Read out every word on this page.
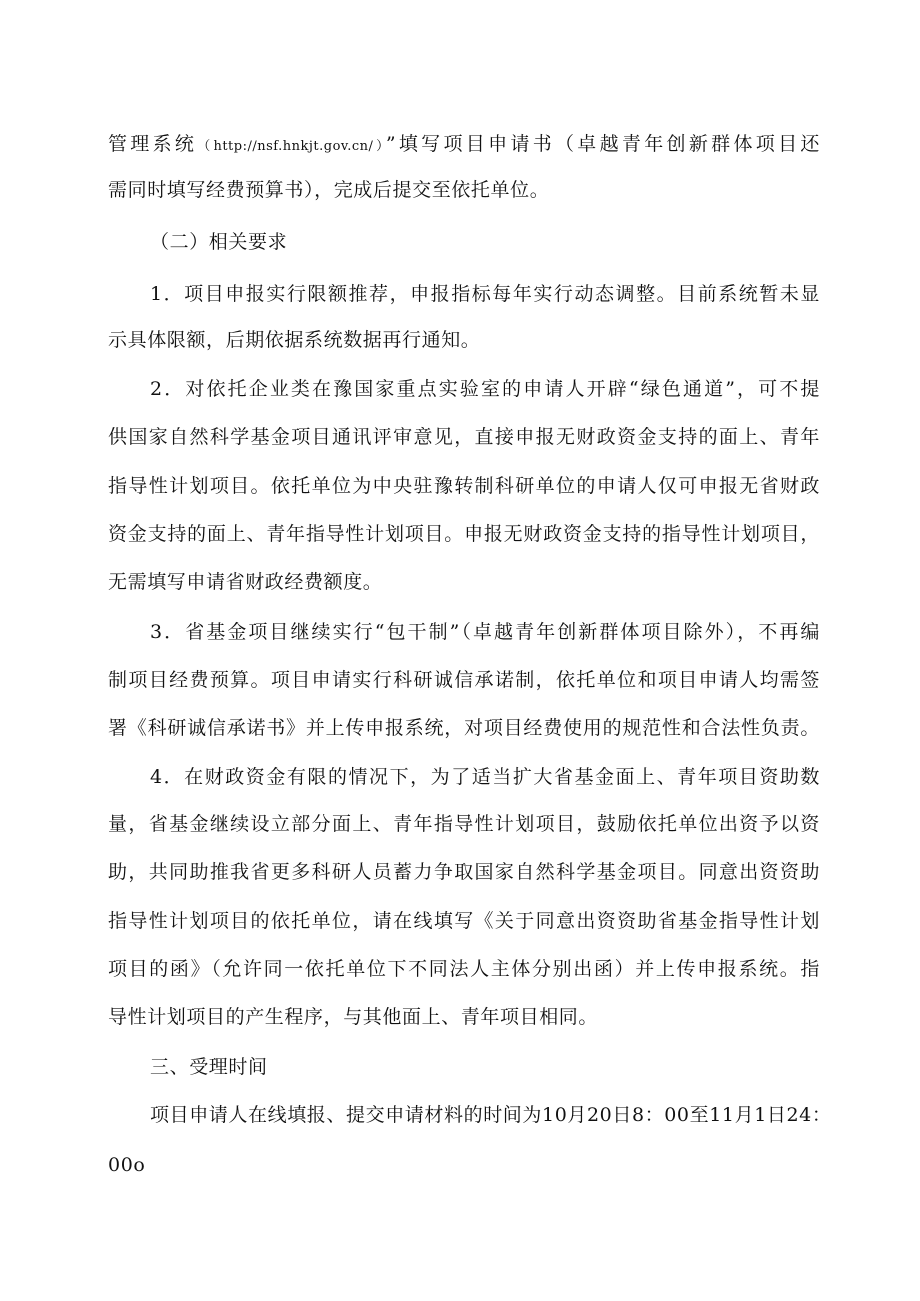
管理系统（http://nsf.hnkjt.gov.cn/）”填写项目申请书（卓越青年创新群体项目还
需同时填写经费预算书），完成后提交至依托单位。
（二）相关要求
1．项目申报实行限额推荐，申报指标每年实行动态调整。目前系统暂未显
示具体限额，后期依据系统数据再行通知。
2．对依托企业类在豫国家重点实验室的申请人开辟“绿色通道”，可不提
供国家自然科学基金项目通讯评审意见，直接申报无财政资金支持的面上、青年
指导性计划项目。依托单位为中央驻豫转制科研单位的申请人仅可申报无省财政
资金支持的面上、青年指导性计划项目。申报无财政资金支持的指导性计划项目，
无需填写申请省财政经费额度。
3．省基金项目继续实行“包干制”（卓越青年创新群体项目除外），不再编
制项目经费预算。项目申请实行科研诚信承诺制，依托单位和项目申请人均需签
署《科研诚信承诺书》并上传申报系统，对项目经费使用的规范性和合法性负责。
4．在财政资金有限的情况下，为了适当扩大省基金面上、青年项目资助数
量，省基金继续设立部分面上、青年指导性计划项目，鼓励依托单位出资予以资
助，共同助推我省更多科研人员蓄力争取国家自然科学基金项目。同意出资资助
指导性计划项目的依托单位，请在线填写《关于同意出资资助省基金指导性计划
项目的函》（允许同一依托单位下不同法人主体分别出函）并上传申报系统。指
导性计划项目的产生程序，与其他面上、青年项目相同。
三、受理时间
项目申请人在线填报、提交申请材料的时间为10月20日8：00至11月1日24：
00o
